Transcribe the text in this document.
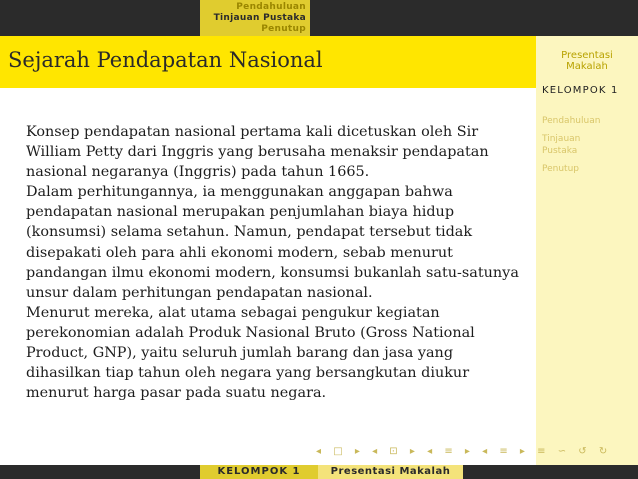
Pendahuluan
Tinjauan Pustaka
Penutup
Sejarah Pendapatan Nasional	Presentasi
Makalah
KELOMPOK 1
Pendahuluan
Tinjauan
Pustaka
Penutup

Konsep pendapatan nasional pertama kali dicetuskan oleh Sir William Petty dari Inggris yang berusaha menaksir pendapatan nasional negaranya (Inggris) pada tahun 1665.

Dalam perhitungannya, ia menggunakan anggapan bahwa pendapatan nasional merupakan penjumlahan biaya hidup (konsumsi) selama setahun. Namun, pendapat tersebut tidak disepakati oleh para ahli ekonomi modern, sebab menurut pandangan ilmu ekonomi modern, konsumsi bukanlah satu-satunya unsur dalam perhitungan pendapatan nasional.

Menurut mereka, alat utama sebagai pengukur kegiatan perekonomian adalah Produk Nasional Bruto (Gross National Product, GNP), yaitu seluruh jumlah barang dan jasa yang dihasilkan tiap tahun oleh negara yang bersangkutan diukur menurut harga pasar pada suatu negara.

◂ □ ▸ ◂ ⊡ ▸ ◂ ≡ ▸ ◂ ≡ ▸ ≡ ∽ ↺ ↻
KELOMPOK 1	Presentasi Makalah
